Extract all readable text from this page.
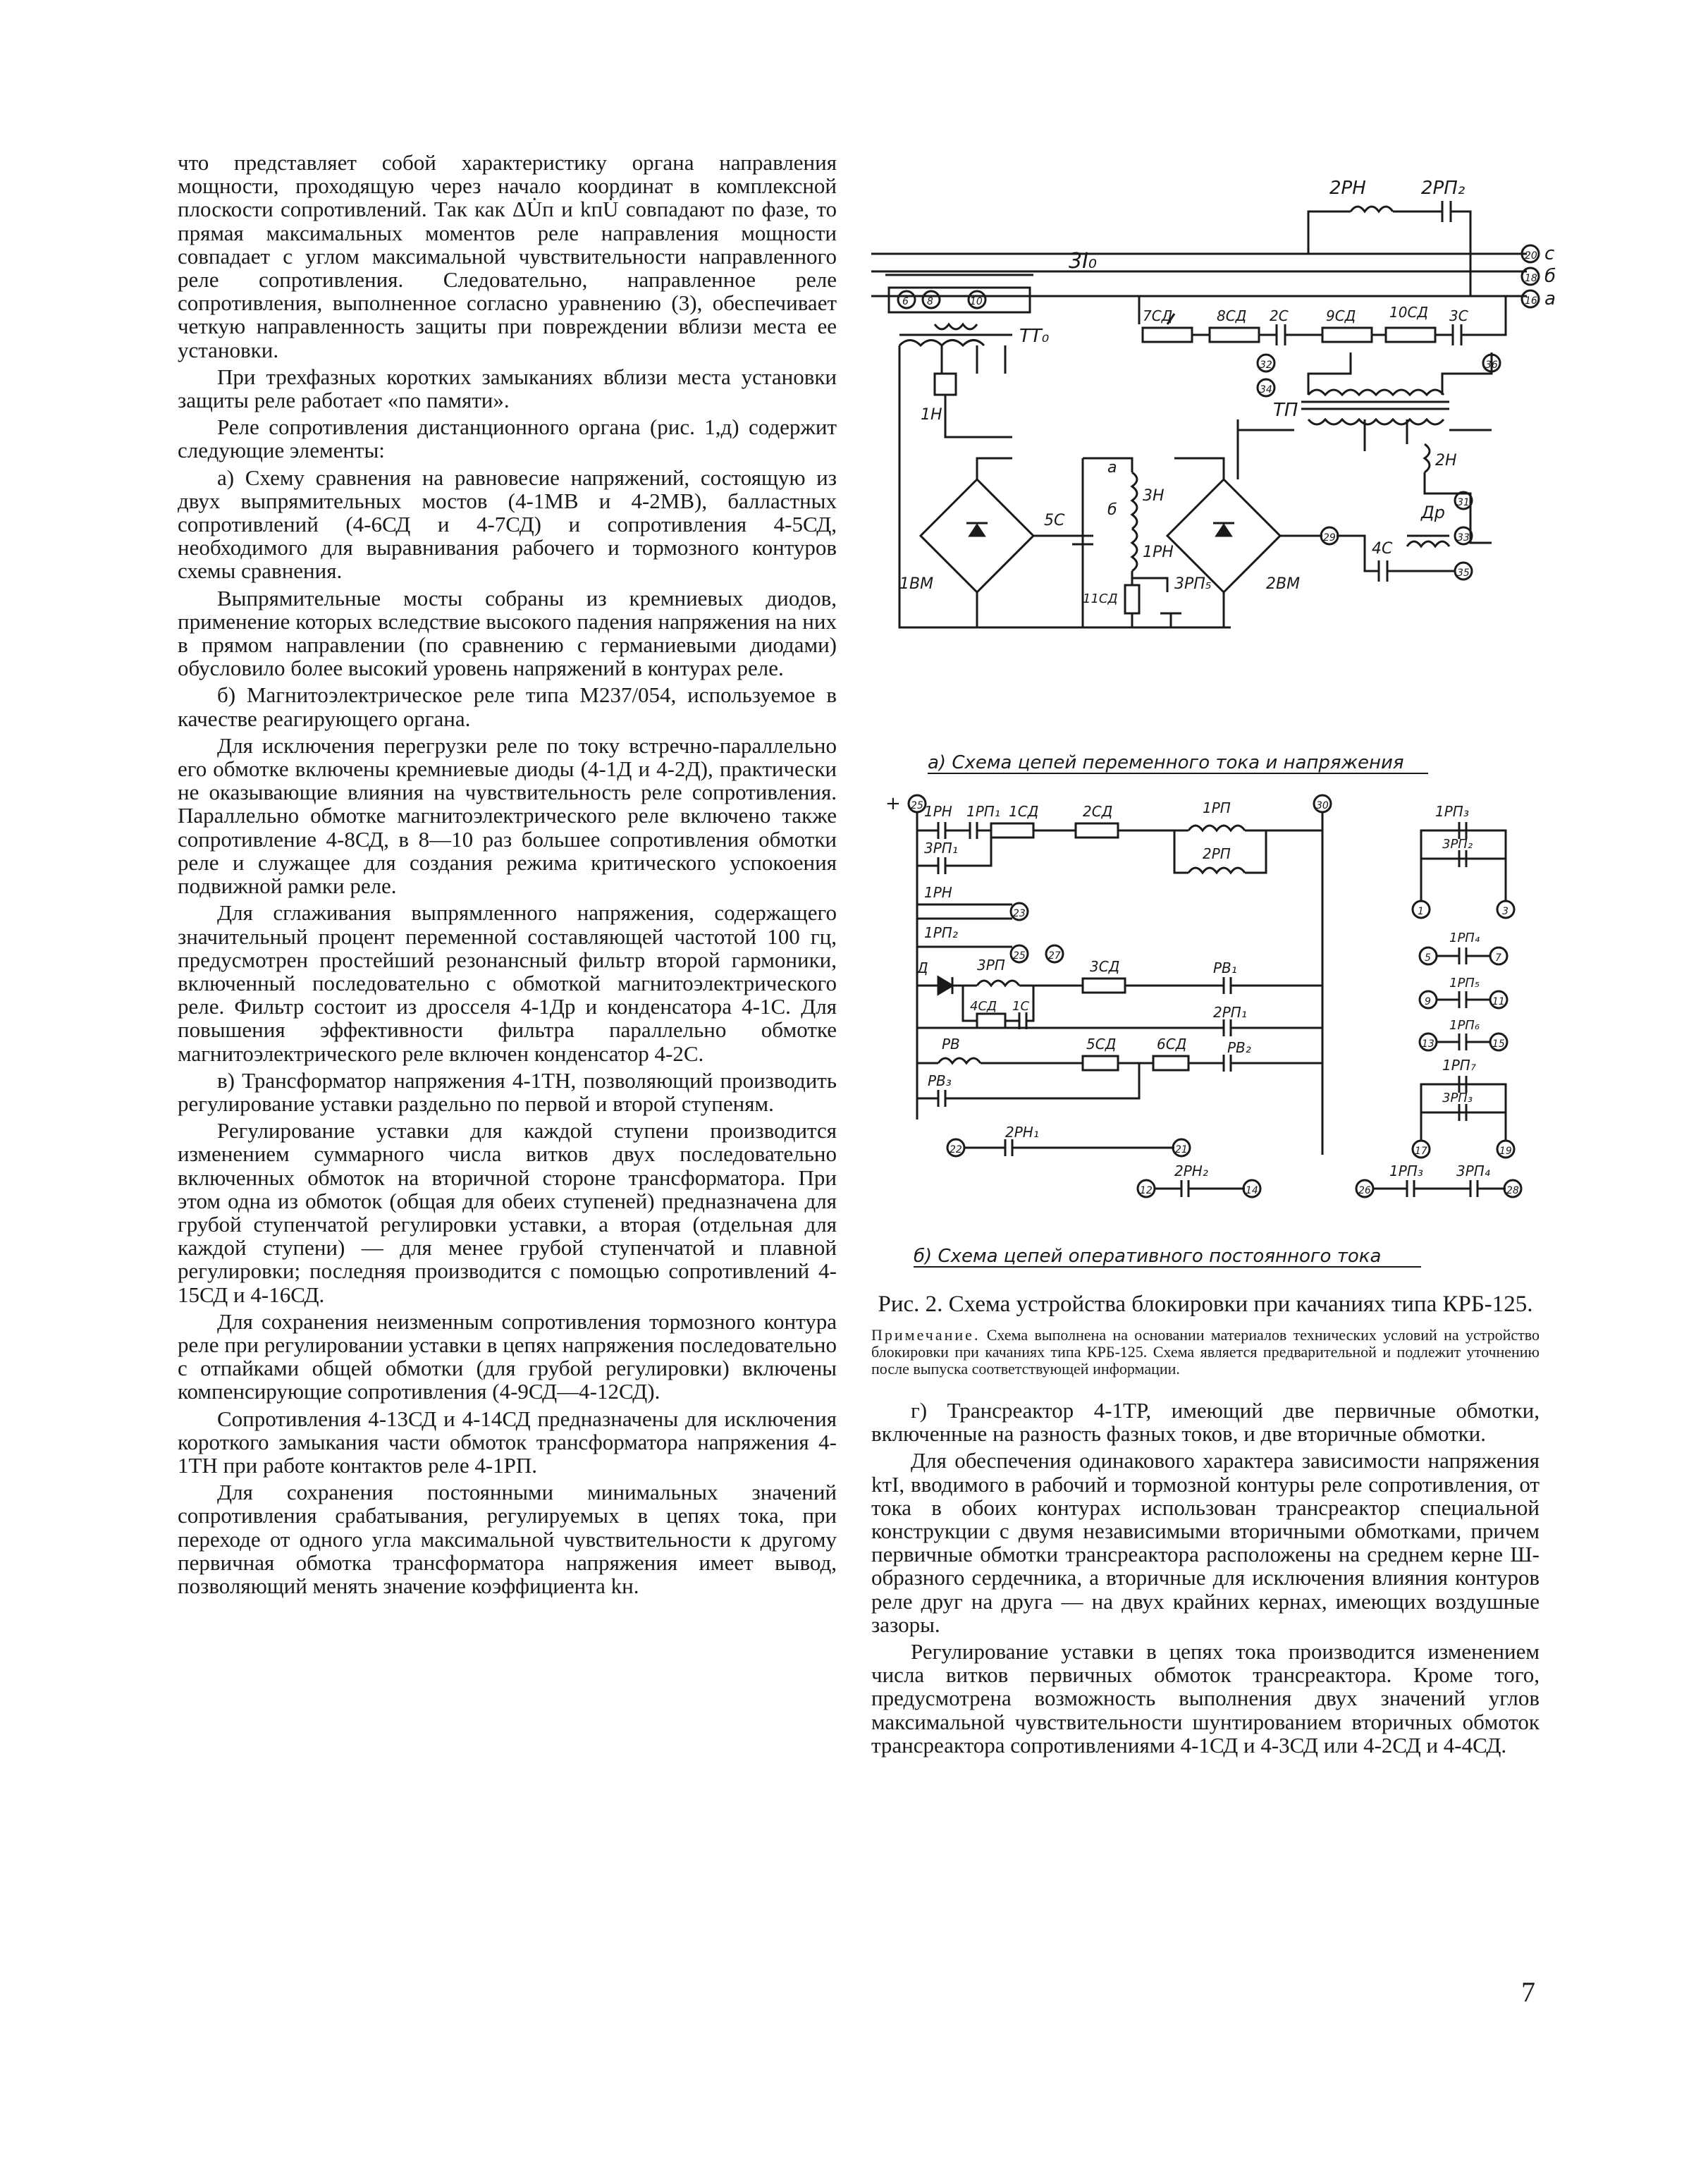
что представляет собой характеристику органа направления мощности, проходящую через начало координат в комплексной плоскости сопротивлений. Так как ΔU̇п и kпU̇ совпадают по фазе, то прямая максимальных моментов реле направления мощности совпадает с углом максимальной чувствительности направленного реле сопротивления. Следовательно, направленное реле сопротивления, выполненное согласно уравнению (3), обеспечивает четкую направленность защиты при повреждении вблизи места ее установки.

При трехфазных коротких замыканиях вблизи места установки защиты реле работает «по памяти».

Реле сопротивления дистанционного органа (рис. 1,д) содержит следующие элементы:

а) Схему сравнения на равновесие напряжений, состоящую из двух выпрямительных мостов (4-1МВ и 4-2МВ), балластных сопротивлений (4-6СД и 4-7СД) и сопротивления 4-5СД, необходимого для выравнивания рабочего и тормозного контуров схемы сравнения.

Выпрямительные мосты собраны из кремниевых диодов, применение которых вследствие высокого падения напряжения на них в прямом направлении (по сравнению с германиевыми диодами) обусловило более высокий уровень напряжений в контурах реле.

б) Магнитоэлектрическое реле типа М237/054, используемое в качестве реагирующего органа.

Для исключения перегрузки реле по току встречно-параллельно его обмотке включены кремниевые диоды (4-1Д и 4-2Д), практически не оказывающие влияния на чувствительность реле сопротивления. Параллельно обмотке магнитоэлектрического реле включено также сопротивление 4-8СД, в 8—10 раз большее сопротивления обмотки реле и служащее для создания режима критического успокоения подвижной рамки реле.

Для сглаживания выпрямленного напряжения, содержащего значительный процент переменной составляющей частотой 100 гц, предусмотрен простейший резонансный фильтр второй гармоники, включенный последовательно с обмоткой магнитоэлектрического реле. Фильтр состоит из дросселя 4-1Др и конденсатора 4-1С. Для повышения эффективности фильтра параллельно обмотке магнитоэлектрического реле включен конденсатор 4-2С.

в) Трансформатор напряжения 4-1ТН, позволяющий производить регулирование уставки раздельно по первой и второй ступеням.

Регулирование уставки для каждой ступени производится изменением суммарного числа витков двух последовательно включенных обмоток на вторичной стороне трансформатора. При этом одна из обмоток (общая для обеих ступеней) предназначена для грубой ступенчатой регулировки уставки, а вторая (отдельная для каждой ступени) — для менее грубой ступенчатой и плавной регулировки; последняя производится с помощью сопротивлений 4-15СД и 4-16СД.

Для сохранения неизменным сопротивления тормозного контура реле при регулировании уставки в цепях напряжения последовательно с отпайками общей обмотки (для грубой регулировки) включены компенсирующие сопротивления (4-9СД—4-12СД).

Сопротивления 4-13СД и 4-14СД предназначены для исключения короткого замыкания части обмоток трансформатора напряжения 4-1ТН при работе контактов реле 4-1РП.

Для сохранения постоянными минимальных значений сопротивления срабатывания, регулируемых в цепях тока, при переходе от одного угла максимальной чувствительности к другому первичная обмотка трансформатора напряжения имеет вывод, позволяющий менять значение коэффициента kн.

20
18
16
с
б
а
2РН	2РП₂
3I₀
6 8	10
ТТ₀
1Н
1ВМ	2ВМ
5С
3Н
а
б
1РН
11СД
3РП₅
ТП
2Н
Др
29
31
33
35
4С
7СД	8СД 2С	9СД 10СД 3С
32
34
36
а) Схема цепей переменного тока и напряжения
+ 25	30
1РН 1РП₁ 1СД	2СД	1РП
3РП₁	2РП
1РН
23
1РП₂
25 27
Д	3РП	3СД	РВ₁
4СД 1С	2РП₁
РВ	5СД	6СД	РВ₂
РВ₃
22
2РН₁
21
12
2РН₂
14	26
1РП₃ 3РП₄
28
1РП₃
3РП₂
1	3
5
1РП₄
7
9
1РП₅
11
13
1РП₆
15
1РП₇
3РП₃
17	19
б) Схема цепей оперативного постоянного тока
Рис. 2. Схема устройства блокировки при качаниях типа КРБ-125.
Примечание. Схема выполнена на основании материалов технических условий на устройство блокировки при качаниях типа КРБ-125. Схема является предварительной и подлежит уточнению после выпуска соответствующей информации.

г) Трансреактор 4-1ТР, имеющий две первичные обмотки, включенные на разность фазных токов, и две вторичные обмотки.

Для обеспечения одинакового характера зависимости напряжения kтI, вводимого в рабочий и тормозной контуры реле сопротивления, от тока в обоих контурах использован трансреактор специальной конструкции с двумя независимыми вторичными обмотками, причем первичные обмотки трансреактора расположены на среднем керне Ш-образного сердечника, а вторичные для исключения влияния контуров реле друг на друга — на двух крайних кернах, имеющих воздушные зазоры.

Регулирование уставки в цепях тока производится изменением числа витков первичных обмоток трансреактора. Кроме того, предусмотрена возможность выполнения двух значений углов максимальной чувствительности шунтированием вторичных обмоток трансреактора сопротивлениями 4-1СД и 4-3СД или 4-2СД и 4-4СД.

7
